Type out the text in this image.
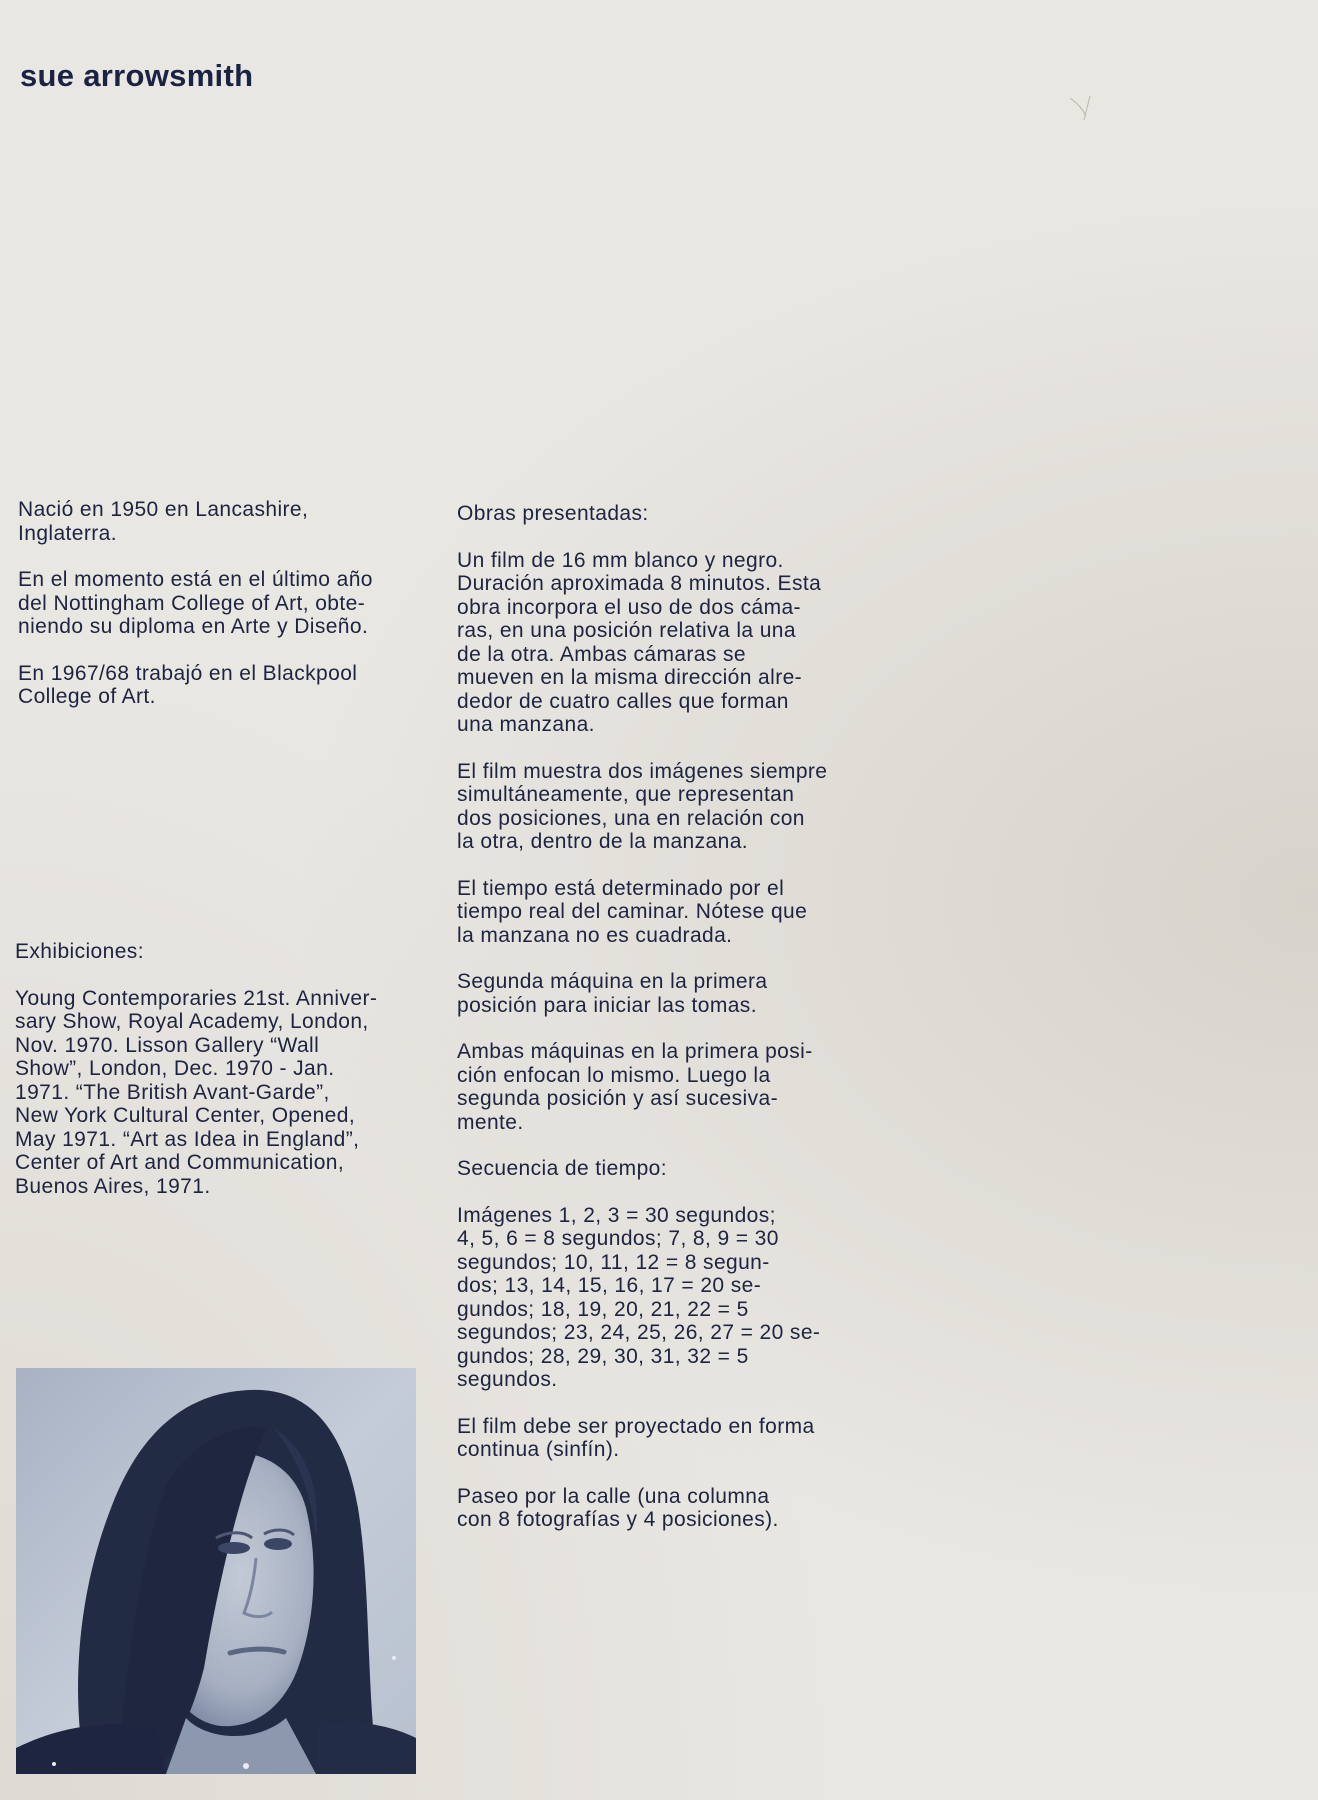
sue arrowsmith

Nació en 1950 en Lancashire,
Inglaterra.

En el momento está en el último año
del Nottingham College of Art, obte-
niendo su diploma en Arte y Diseño.

En 1967/68 trabajó en el Blackpool
College of Art.

Exhibiciones:

Young Contemporaries 21st. Anniver-
sary Show, Royal Academy, London,
Nov. 1970. Lisson Gallery “Wall
Show”, London, Dec. 1970 - Jan.
1971. “The British Avant-Garde”,
New York Cultural Center, Opened,
May 1971. “Art as Idea in England”,
Center of Art and Communication,
Buenos Aires, 1971.

Obras presentadas:

Un film de 16 mm blanco y negro.
Duración aproximada 8 minutos. Esta
obra incorpora el uso de dos cáma-
ras, en una posición relativa la una
de la otra. Ambas cámaras se
mueven en la misma dirección alre-
dedor de cuatro calles que forman
una manzana.

El film muestra dos imágenes siempre
simultáneamente, que representan
dos posiciones, una en relación con
la otra, dentro de la manzana.

El tiempo está determinado por el
tiempo real del caminar. Nótese que
la manzana no es cuadrada.

Segunda máquina en la primera
posición para iniciar las tomas.

Ambas máquinas en la primera posi-
ción enfocan lo mismo. Luego la
segunda posición y así sucesiva-
mente.

Secuencia de tiempo:

Imágenes 1, 2, 3 = 30 segundos;
4, 5, 6 = 8 segundos; 7, 8, 9 = 30
segundos; 10, 11, 12 = 8 segun-
dos; 13, 14, 15, 16, 17 = 20 se-
gundos; 18, 19, 20, 21, 22 = 5
segundos; 23, 24, 25, 26, 27 = 20 se-
gundos; 28, 29, 30, 31, 32 = 5
segundos.

El film debe ser proyectado en forma
continua (sinfín).

Paseo por la calle (una columna
con 8 fotografías y 4 posiciones).
